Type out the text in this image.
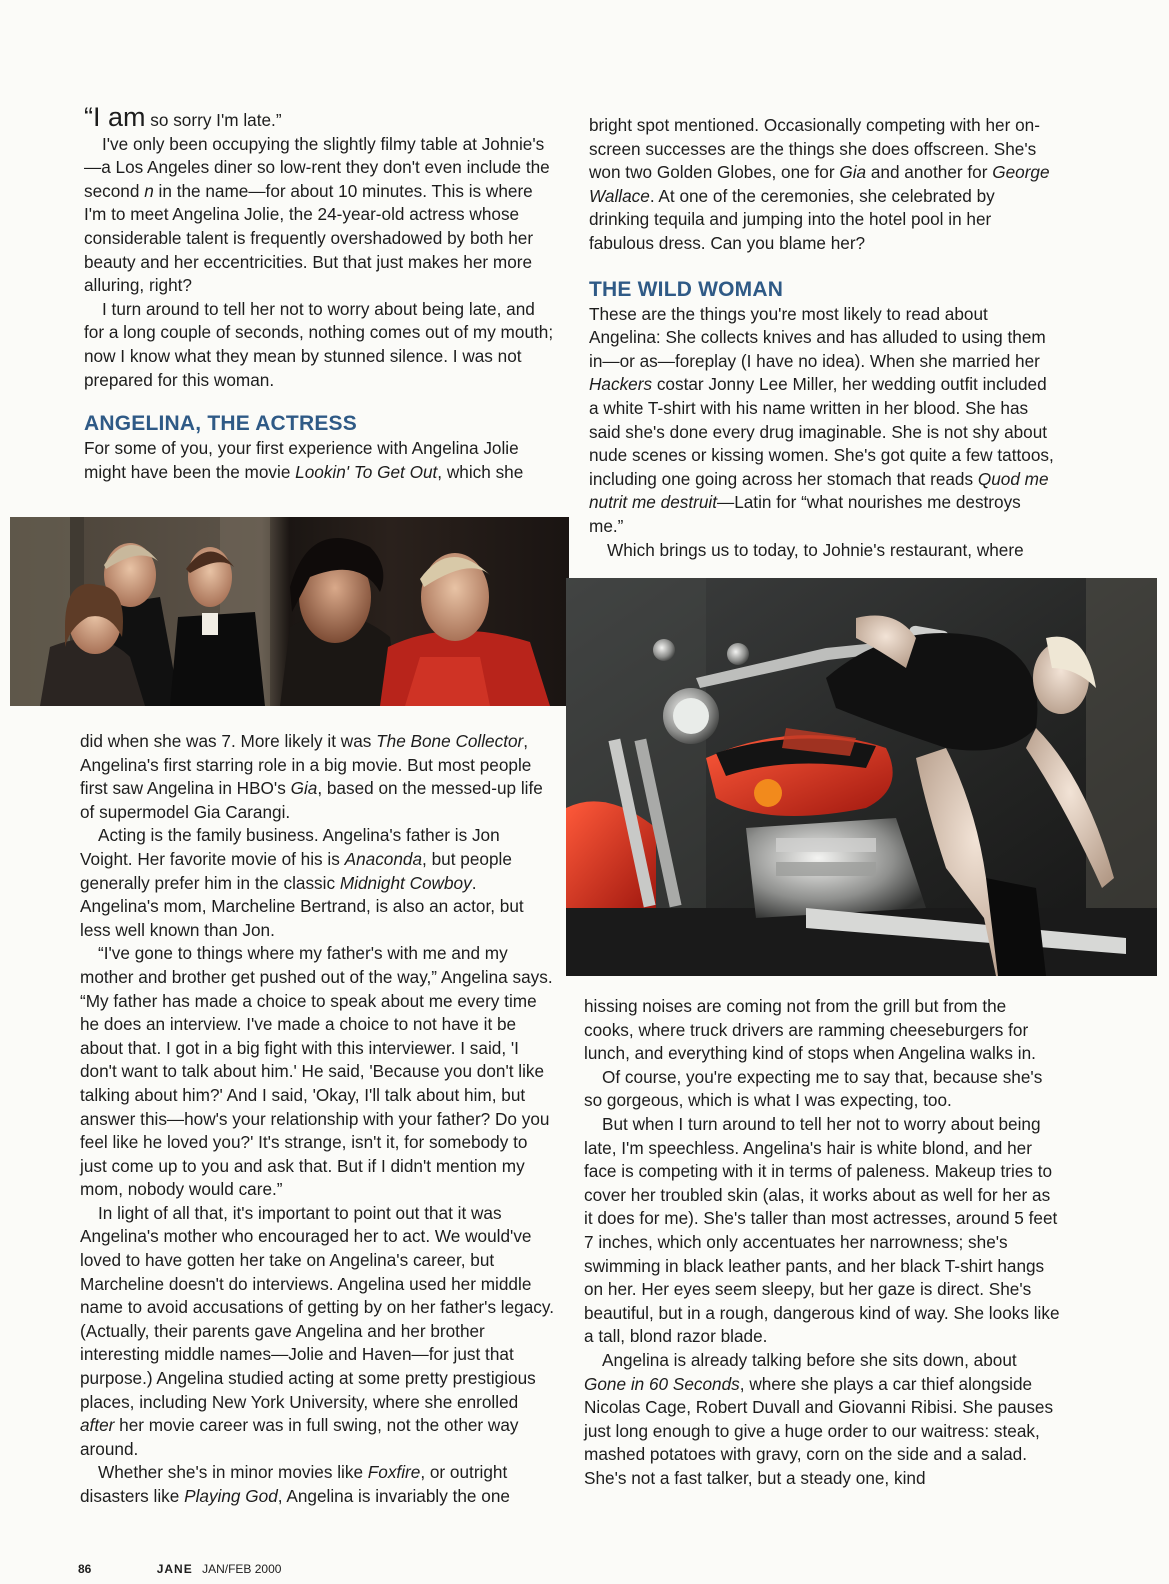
“I am so sorry I'm late.”

I've only been occupying the slightly filmy table at Johnie's—a Los Angeles diner so low-rent they don't even include the second n in the name—for about 10 minutes. This is where I'm to meet Angelina Jolie, the 24-year-old actress whose considerable talent is frequently overshadowed by both her beauty and her eccentricities. But that just makes her more alluring, right?

I turn around to tell her not to worry about being late, and for a long couple of seconds, nothing comes out of my mouth; now I know what they mean by stunned silence. I was not prepared for this woman.

ANGELINA, THE ACTRESS

For some of you, your first experience with Angelina Jolie might have been the movie Lookin' To Get Out, which she

did when she was 7. More likely it was The Bone Collector, Angelina's first starring role in a big movie. But most people first saw Angelina in HBO's Gia, based on the messed-up life of supermodel Gia Carangi.

Acting is the family business. Angelina's father is Jon Voight. Her favorite movie of his is Anaconda, but people generally prefer him in the classic Midnight Cowboy. Angelina's mom, Marcheline Bertrand, is also an actor, but less well known than Jon.

“I've gone to things where my father's with me and my mother and brother get pushed out of the way,” Angelina says. “My father has made a choice to speak about me every time he does an interview. I've made a choice to not have it be about that. I got in a big fight with this interviewer. I said, 'I don't want to talk about him.' He said, 'Because you don't like talking about him?' And I said, 'Okay, I'll talk about him, but answer this—how's your relationship with your father? Do you feel like he loved you?' It's strange, isn't it, for somebody to just come up to you and ask that. But if I didn't mention my mom, nobody would care.”

In light of all that, it's important to point out that it was Angelina's mother who encouraged her to act. We would've loved to have gotten her take on Angelina's career, but Marcheline doesn't do interviews. Angelina used her middle name to avoid accusations of getting by on her father's legacy. (Actually, their parents gave Angelina and her brother interesting middle names—Jolie and Haven—for just that purpose.) Angelina studied acting at some pretty prestigious places, including New York University, where she enrolled after her movie career was in full swing, not the other way around.

Whether she's in minor movies like Foxfire, or outright disasters like Playing God, Angelina is invariably the one

bright spot mentioned. Occasionally competing with her on-screen successes are the things she does offscreen. She's won two Golden Globes, one for Gia and another for George Wallace. At one of the ceremonies, she celebrated by drinking tequila and jumping into the hotel pool in her fabulous dress. Can you blame her?

THE WILD WOMAN

These are the things you're most likely to read about Angelina: She collects knives and has alluded to using them in—or as—foreplay (I have no idea). When she married her Hackers costar Jonny Lee Miller, her wedding outfit included a white T-shirt with his name written in her blood. She has said she's done every drug imaginable. She is not shy about nude scenes or kissing women. She's got quite a few tattoos, including one going across her stomach that reads Quod me nutrit me destruit—Latin for “what nourishes me destroys me.”

Which brings us to today, to Johnie's restaurant, where

hissing noises are coming not from the grill but from the cooks, where truck drivers are ramming cheeseburgers for lunch, and everything kind of stops when Angelina walks in.

Of course, you're expecting me to say that, because she's so gorgeous, which is what I was expecting, too.

But when I turn around to tell her not to worry about being late, I'm speechless. Angelina's hair is white blond, and her face is competing with it in terms of paleness. Makeup tries to cover her troubled skin (alas, it works about as well for her as it does for me). She's taller than most actresses, around 5 feet 7 inches, which only accentuates her narrowness; she's swimming in black leather pants, and her black T-shirt hangs on her. Her eyes seem sleepy, but her gaze is direct. She's beautiful, but in a rough, dangerous kind of way. She looks like a tall, blond razor blade.

Angelina is already talking before she sits down, about Gone in 60 Seconds, where she plays a car thief alongside Nicolas Cage, Robert Duvall and Giovanni Ribisi. She pauses just long enough to give a huge order to our waitress: steak, mashed potatoes with gravy, corn on the side and a salad. She's not a fast talker, but a steady one, kind

86	JANE JAN/FEB 2000
